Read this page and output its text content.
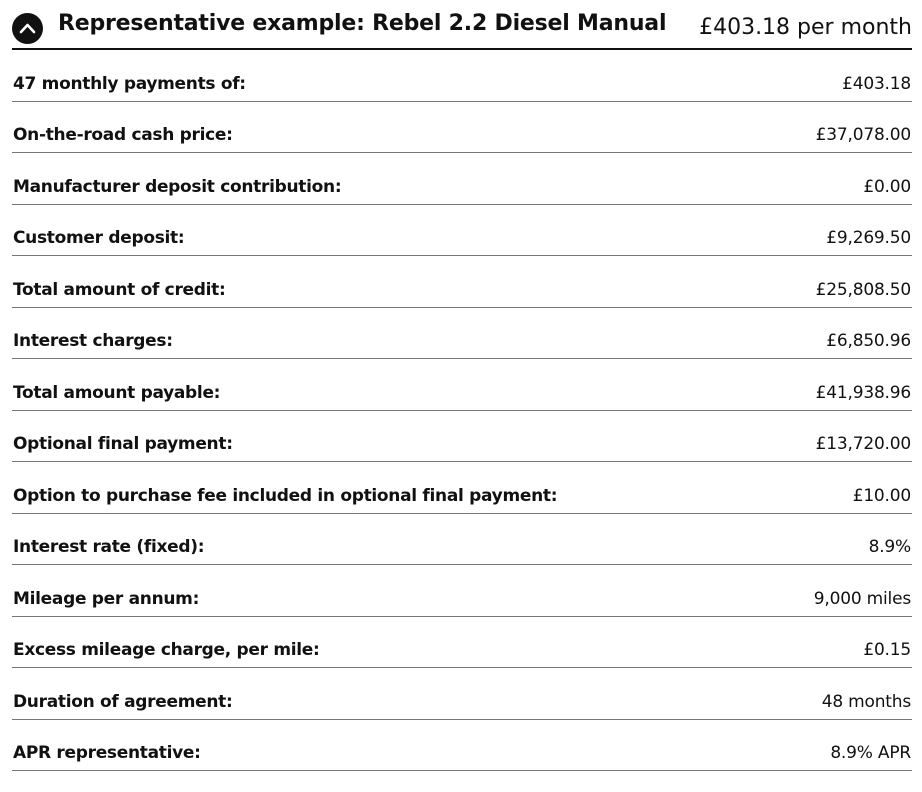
Representative example: Rebel 2.2 Diesel Manual £403.18 per month
47 monthly payments of:	£403.18
On-the-road cash price:	£37,078.00
Manufacturer deposit contribution:	£0.00
Customer deposit:	£9,269.50
Total amount of credit:	£25,808.50
Interest charges:	£6,850.96
Total amount payable:	£41,938.96
Optional final payment:	£13,720.00
Option to purchase fee included in optional final payment:	£10.00
Interest rate (fixed):	8.9%
Mileage per annum:	9,000 miles
Excess mileage charge, per mile:	£0.15
Duration of agreement:	48 months
APR representative:	8.9% APR
